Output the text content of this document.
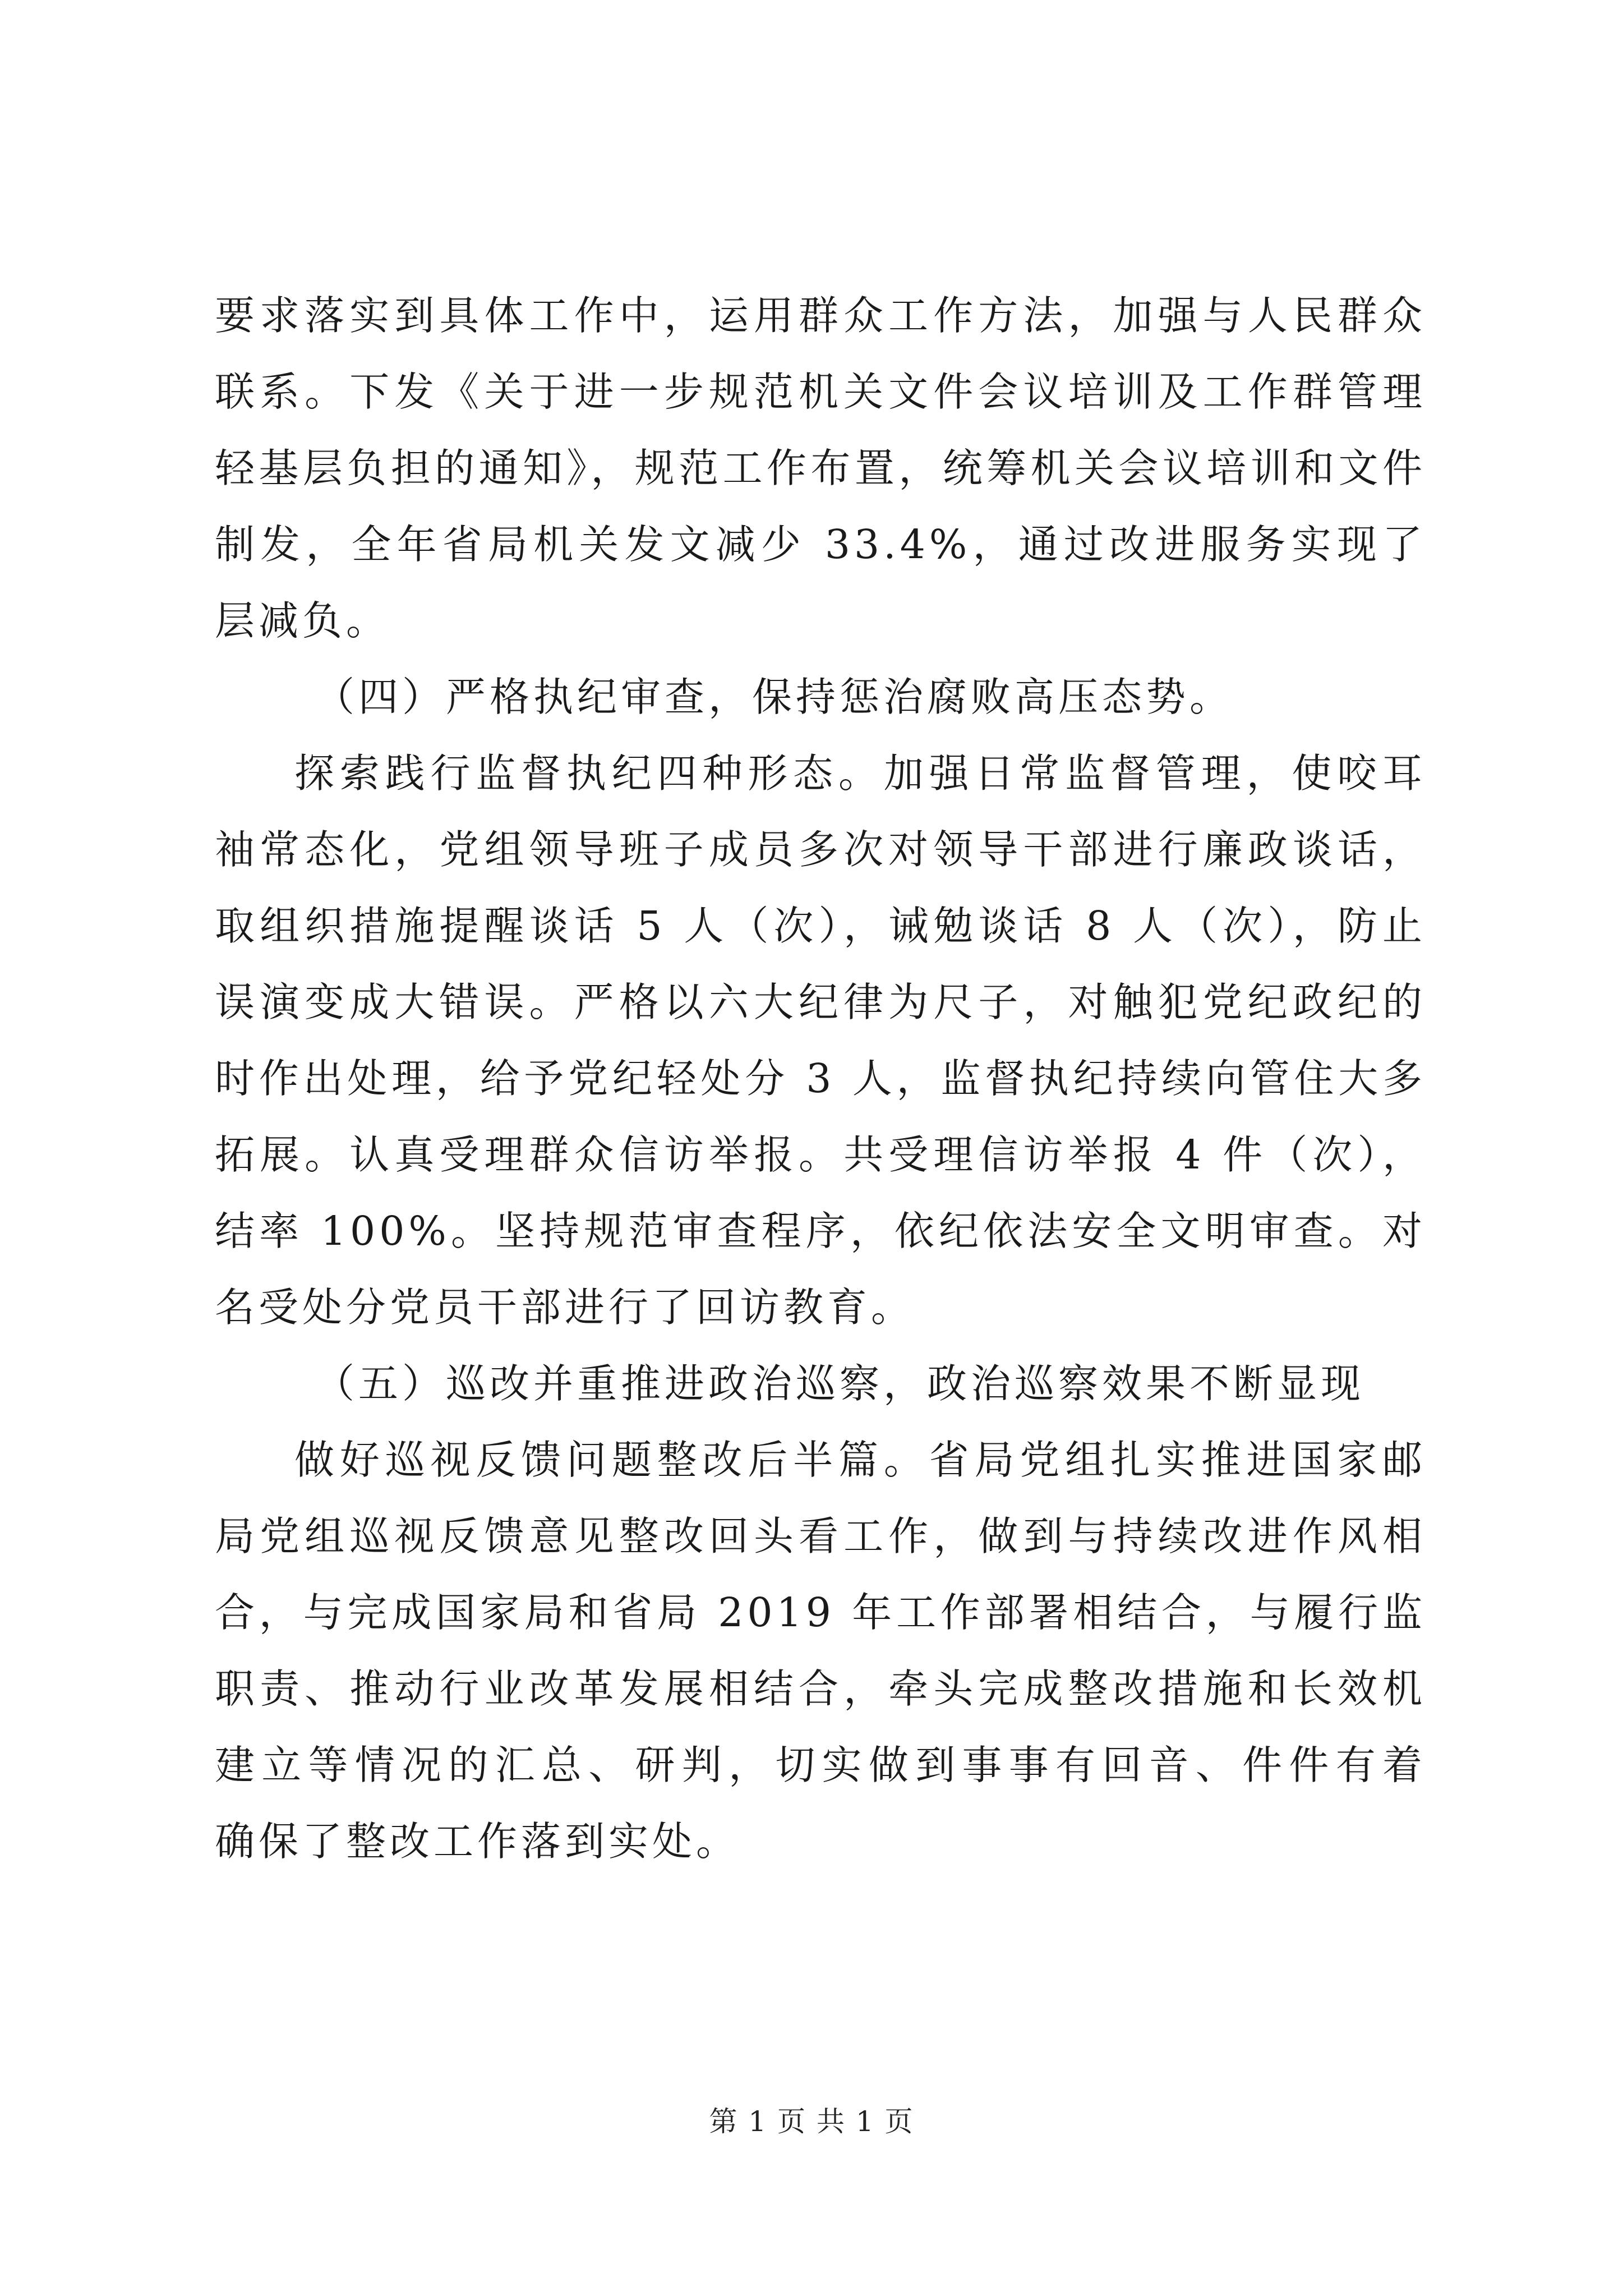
要求落实到具体工作中，运用群众工作方法，加强与人民群众
联系。下发《关于进一步规范机关文件会议培训及工作群管理
轻基层负担的通知》，规范工作布置，统筹机关会议培训和文件
制发，全年省局机关发文减少 33.4%，通过改进服务实现了
层减负。
（四）严格执纪审查，保持惩治腐败高压态势。
探索践行监督执纪四种形态。加强日常监督管理，使咬耳
袖常态化，党组领导班子成员多次对领导干部进行廉政谈话，
取组织措施提醒谈话 5 人（次），诫勉谈话 8 人（次），防止
误演变成大错误。严格以六大纪律为尺子，对触犯党纪政纪的
时作出处理，给予党纪轻处分 3 人，监督执纪持续向管住大多
拓展。认真受理群众信访举报。共受理信访举报 4 件（次），
结率 100%。坚持规范审查程序，依纪依法安全文明审查。对
名受处分党员干部进行了回访教育。
（五）巡改并重推进政治巡察，政治巡察效果不断显现
做好巡视反馈问题整改后半篇。省局党组扎实推进国家邮
局党组巡视反馈意见整改回头看工作，做到与持续改进作风相
合，与完成国家局和省局 2019 年工作部署相结合，与履行监
职责、推动行业改革发展相结合，牵头完成整改措施和长效机
建立等情况的汇总、研判，切实做到事事有回音、件件有着
确保了整改工作落到实处。
第 1 页 共 1 页
